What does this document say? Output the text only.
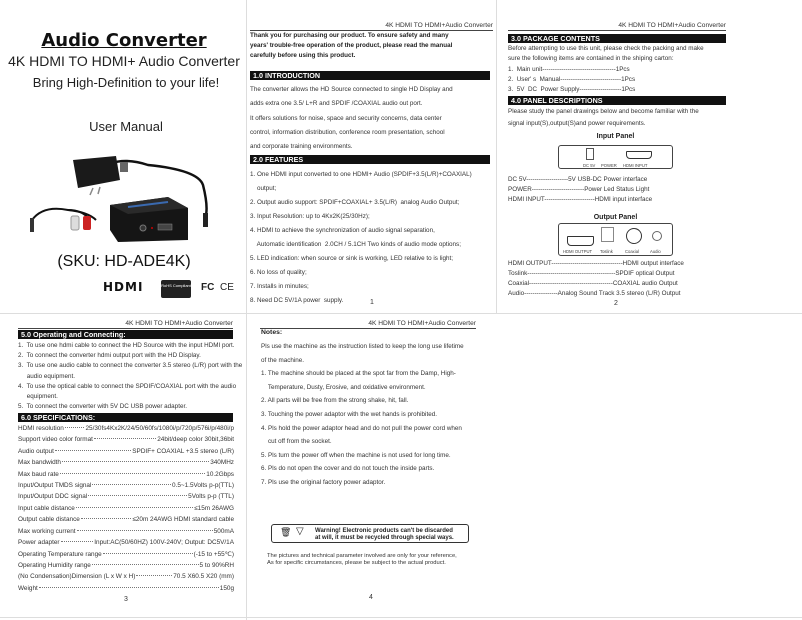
Audio Converter
4K HDMI TO HDMI+ Audio Converter
Bring High-Definition to your life!
User Manual
(SKU: HD-ADE4K)
HDMI	RoHS Compliant FC CE
4K HDMI TO HDMI+Audio Converter
Thank you for purchasing our product. To ensure safety and many
years' trouble-free operation of the product, please read the manual
carefully before using this product.
1.0 INTRODUCTION
The converter allows the HD Source connected to single HD Display and
adds extra one 3.5/ L+R and SPDIF /COAXIAL audio out port.
It offers solutions for noise, space and security concerns, data center
control, information distribution, conference room presentation, school
and corporate training environments.
2.0 FEATURES
1. One HDMI input converted to one HDMI+ Audio (SPDIF+3.5(L/R)+COAXIAL)
output;
2. Output audio support: SPDIF+COAXIAL+ 3.5(L/R)  analog Audio Output;
3. Input Resolution: up to 4Kx2K(25/30Hz);
4. HDMI to achieve the synchronization of audio signal separation,
Automatic identification  2.0CH / 5.1CH Two kinds of audio mode options;
5. LED indication: when source or sink is working, LED relative to is light;
6. No loss of quality;
7. Installs in minutes;
8. Need DC 5V/1A power  supply.	1
4K HDMI TO HDMI+Audio Converter
3.0 PACKAGE CONTENTS
Before attempting to use this unit, please check the packing and make
sure the following items are contained in the shiping carton:
1.  Main unit-----------------------------------1Pcs
2.  User' s  Manual-----------------------------1Pcs
3.  5V  DC  Power Supply--------------------1Pcs
4.0 PANEL DESCRIPTIONS
Please study the panel drawings below and become familiar with the
signal input(S),output(S)and power requirements.
Input Panel
DC 5V POWER HDMI INPUT
DC 5V--------------------5V USB-DC Power interface
POWER-------------------------Power Led Status Light
HDMI INPUT------------------------HDMI input interface
Output Panel
HDMI OUTPUT Toslink	Coaxial	Audio
HDMI OUTPUT----------------------------------HDMI output interface
Toslink------------------------------------------SPDIF optical Output
Coaxial----------------------------------------COAXIAL audio Output
Audio----------------Analog Sound Track 3.5 stereo (L/R) Output
2
4K HDMI TO HDMI+Audio Converter
5.0 Operating and Connecting:
1.  To use one hdmi cable to connect the HD Source with the input HDMI port.
2.  To connect the converter hdmi output port with the HD Display.
3.  To use one audio cable to connect the converter 3.5 stereo (L/R) port with the
audio equipment.
4.  To use the optical cable to connect the SPDIF/COAXIAL port with the audio
equipment.
5.  To connect the converter with 5V DC USB power adapter.
6.0 SPECIFICATIONS:
HDMI resolution	25/30fs4Kx2K/24/50/60fs/1080i/p/720p/576i/p/480i/p
Support video color format	24bit/deep color 30bit,36bit
Audio output	SPDIF+ COAXIAL +3.5 stereo (L/R)
Max bandwidth	340MHz
Max baud rate	10.2Gbps
Input/Output TMDS signal	0.5~1.5Volts p-p(TTL)
Input/Output DDC signal	5Volts p-p (TTL)
Input cable distance	≤15m 26AWG
Output cable distance	≤20m 24AWG HDMI standard cable
Max working current	500mA
Power adapter	Input:AC(50/60HZ) 100V-240V; Output: DC5V/1A
Operating Temperature range	(-15 to +55℃)
Operating Humidity range	5 to 90%RH
(No Condensation)Dimension (L x W x H)	70.5 X60.5 X20 (mm)
Weight	150g
3
4K HDMI TO HDMI+Audio Converter
Notes:
Pls use the machine as the instruction listed to keep the long use lifetime
of the machine.
1. The machine should be placed at the spot far from the Damp, High-
Temperature, Dusty, Erosive, and oxidative environment.
2. All parts will be free from the strong shake, hit, fall.
3. Touching the power adaptor with the wet hands is prohibited.
4. Pls hold the power adaptor head and do not pull the power cord when
cut off from the socket.
5. Pls turn the power off when the machine is not used for long time.
6. Pls do not open the cover and do not touch the inside parts.
7. Pls use the original factory power adaptor.
🗑 ▽ Warning! Electronic products can't be discarded
at will, it must be recycled through special ways.
The pictures and technical parameter involved are only for your reference,
As for specific circumstances, please be subject to the actual product.
4
